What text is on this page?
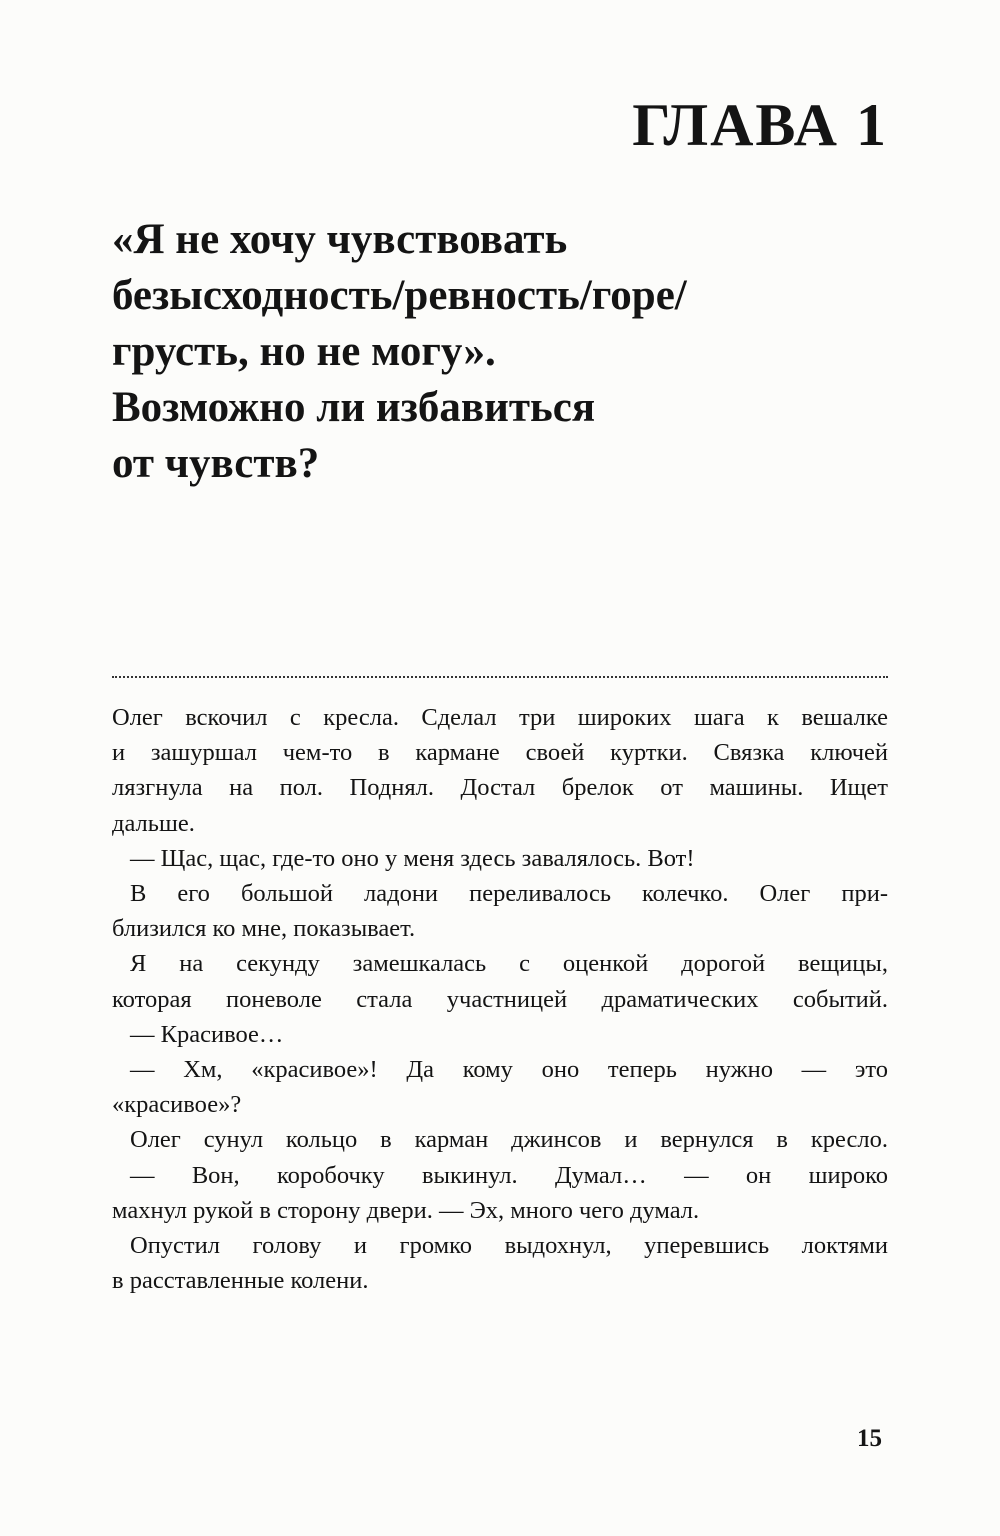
ГЛАВА 1
«Я не хочу чувствовать
безысходность/ревность/горе/
грусть, но не могу».
Возможно ли избавиться
от чувств?
Олег вскочил с кресла. Сделал три широких шага к вешалке
и зашуршал чем-то в кармане своей куртки. Связка ключей
лязгнула на пол. Поднял. Достал брелок от машины. Ищет
дальше.
— Щас, щас, где-то оно у меня здесь завалялось. Вот!
В его большой ладони переливалось колечко. Олег при-
близился ко мне, показывает.
Я на секунду замешкалась с оценкой дорогой вещицы,
которая поневоле стала участницей драматических событий.
— Красивое…
— Хм, «красивое»! Да кому оно теперь нужно — это
«красивое»?
Олег сунул кольцо в карман джинсов и вернулся в кресло.
— Вон, коробочку выкинул. Думал… — он широко
махнул рукой в сторону двери. — Эх, много чего думал.
Опустил голову и громко выдохнул, уперевшись локтями
в расставленные колени.
15
